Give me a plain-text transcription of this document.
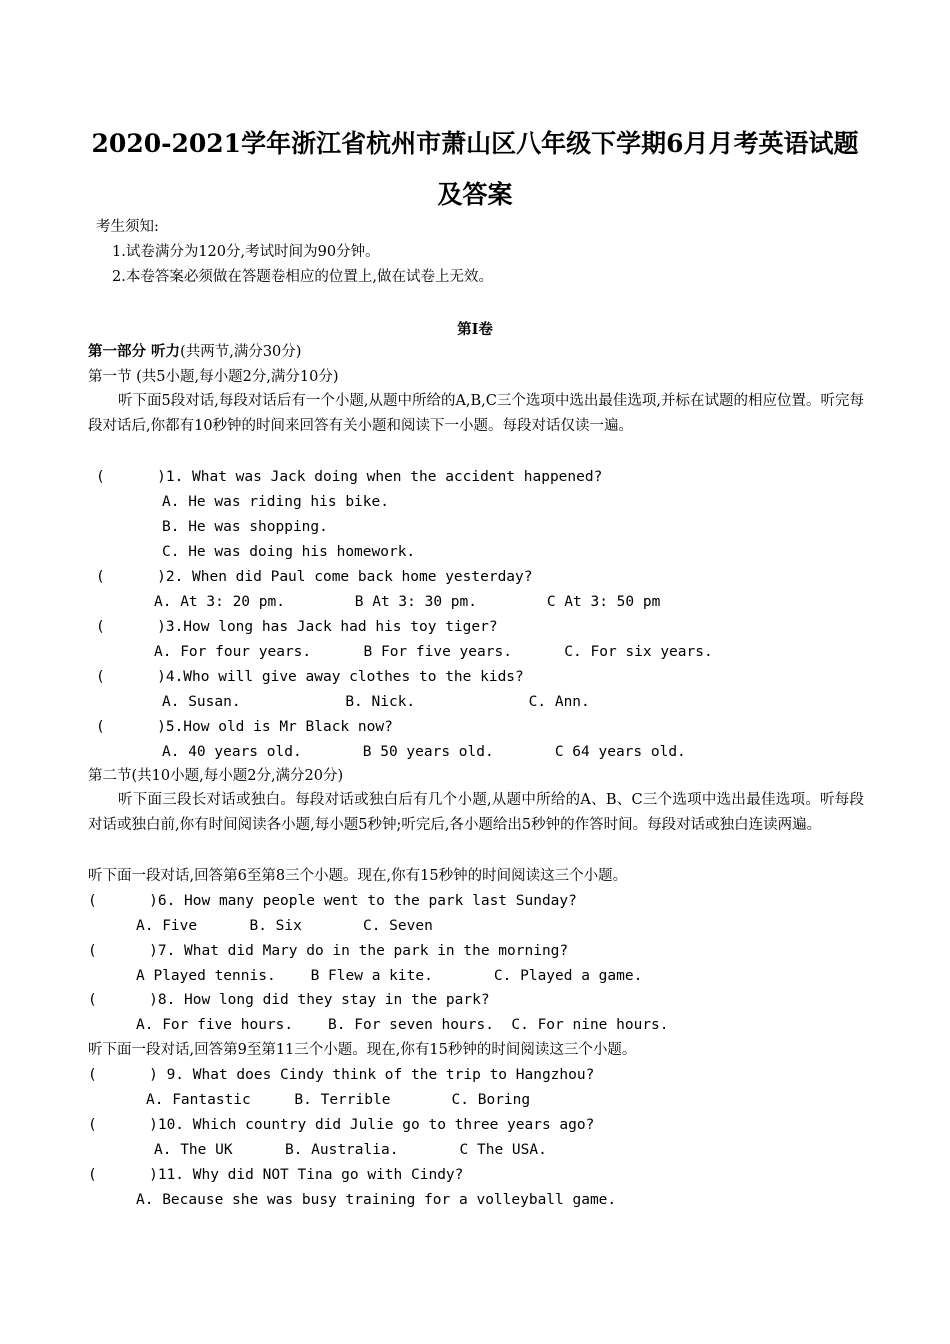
2020-2021学年浙江省杭州市萧山区八年级下学期6月月考英语试题
及答案
考生须知:
1.试卷满分为120分,考试时间为90分钟。
2.本卷答案必须做在答题卷相应的位置上,做在试卷上无效。
第Ⅰ卷
第一部分 听力(共两节,满分30分)
第一节 (共5小题,每小题2分,满分10分)
听下面5段对话,每段对话后有一个小题,从题中所给的A,B,C三个选项中选出最佳选项,并标在试题的相应位置。听完每段对话后,你都有10秒钟的时间来回答有关小题和阅读下一小题。每段对话仅读一遍。
(      )1. What was Jack doing when the accident happened?
A. He was riding his bike.
B. He was shopping.
C. He was doing his homework.
(      )2. When did Paul come back home yesterday?
A. At 3: 20 pm.        B At 3: 30 pm.        C At 3: 50 pm
(      )3.How long has Jack had his toy tiger?
A. For four years.      B For five years.      C. For six years.
(      )4.Who will give away clothes to the kids?
A. Susan.            B. Nick.             C. Ann.
(      )5.How old is Mr Black now?
A. 40 years old.       B 50 years old.       C 64 years old.
第二节(共10小题,每小题2分,满分20分)
听下面三段长对话或独白。每段对话或独白后有几个小题,从题中所给的A、B、C三个选项中选出最佳选项。听每段对话或独白前,你有时间阅读各小题,每小题5秒钟;听完后,各小题给出5秒钟的作答时间。每段对话或独白连读两遍。
听下面一段对话,回答第6至第8三个小题。现在,你有15秒钟的时间阅读这三个小题。
(      )6. How many people went to the park last Sunday?
A. Five      B. Six       C. Seven
(      )7. What did Mary do in the park in the morning?
A Played tennis.    B Flew a kite.       C. Played a game.
(      )8. How long did they stay in the park?
A. For five hours.    B. For seven hours.  C. For nine hours.
听下面一段对话,回答第9至第11三个小题。现在,你有15秒钟的时间阅读这三个小题。
(      ) 9. What does Cindy think of the trip to Hangzhou?
A. Fantastic     B. Terrible       C. Boring
(      )10. Which country did Julie go to three years ago?
A. The UK      B. Australia.       C The USA.
(      )11. Why did NOT Tina go with Cindy?
A. Because she was busy training for a volleyball game.
